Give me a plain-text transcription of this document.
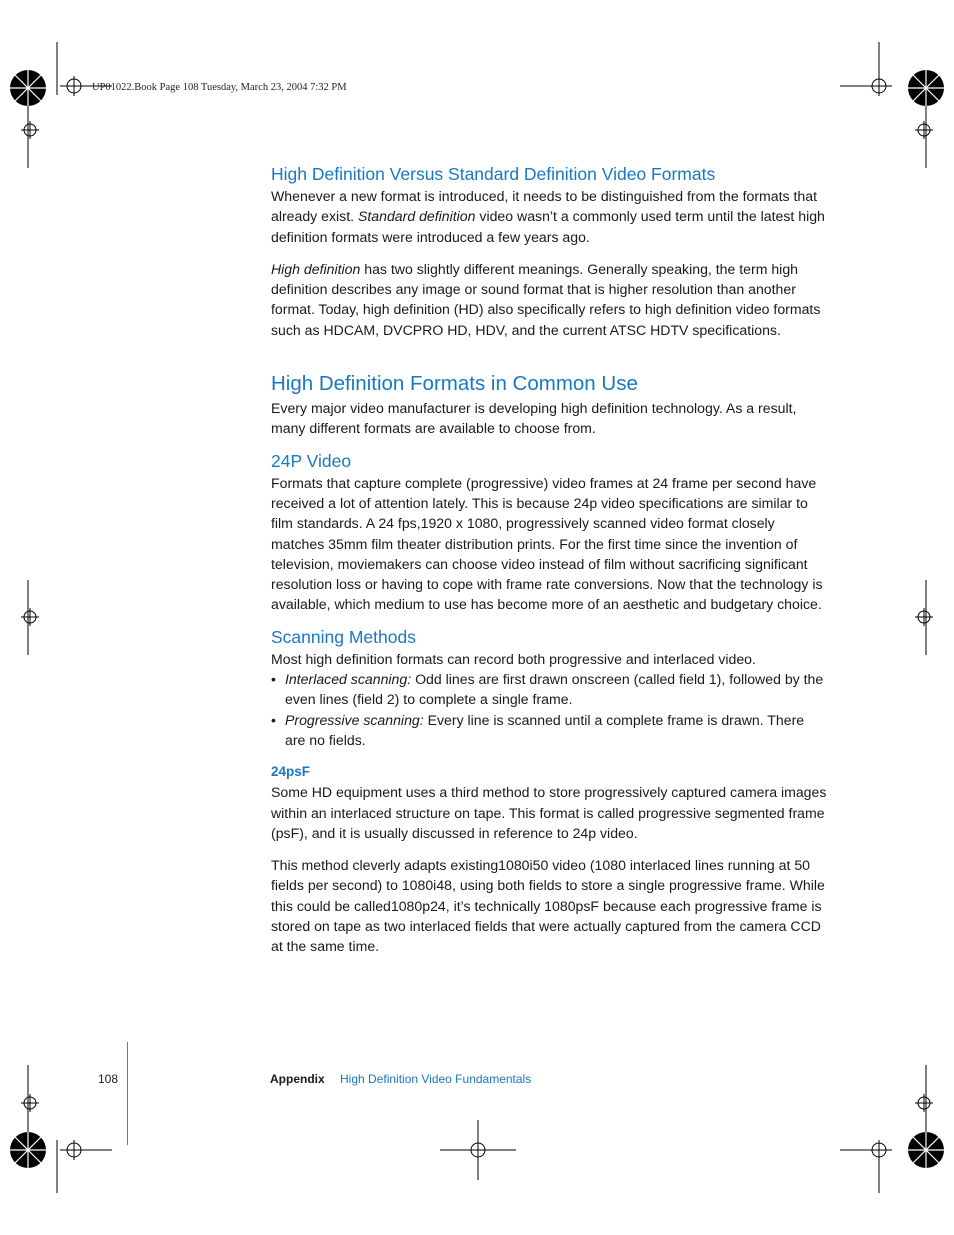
UP01022.Book Page 108 Tuesday, March 23, 2004 7:32 PM
High Definition Versus Standard Definition Video Formats

Whenever a new format is introduced, it needs to be distinguished from the formats that already exist. Standard definition video wasn’t a commonly used term until the latest high definition formats were introduced a few years ago.

High definition has two slightly different meanings. Generally speaking, the term high definition describes any image or sound format that is higher resolution than another format. Today, high definition (HD) also specifically refers to high definition video formats such as HDCAM, DVCPRO HD, HDV, and the current ATSC HDTV specifications.

High Definition Formats in Common Use

Every major video manufacturer is developing high definition technology. As a result, many different formats are available to choose from.

24P Video

Formats that capture complete (progressive) video frames at 24 frame per second have received a lot of attention lately. This is because 24p video specifications are similar to film standards. A 24 fps,1920 x 1080, progressively scanned video format closely matches 35mm film theater distribution prints. For the first time since the invention of television, moviemakers can choose video instead of film without sacrificing significant resolution loss or having to cope with frame rate conversions. Now that the technology is available, which medium to use has become more of an aesthetic and budgetary choice.

Scanning Methods

Most high definition formats can record both progressive and interlaced video.

• Interlaced scanning: Odd lines are first drawn onscreen (called field 1), followed by the even lines (field 2) to complete a single frame.
• Progressive scanning: Every line is scanned until a complete frame is drawn. There are no fields.
24psF

Some HD equipment uses a third method to store progressively captured camera images within an interlaced structure on tape. This format is called progressive segmented frame (psF), and it is usually discussed in reference to 24p video.

This method cleverly adapts existing1080i50 video (1080 interlaced lines running at 50 fields per second) to 1080i48, using both fields to store a single progressive frame. While this could be called1080p24, it’s technically 1080psF because each progressive frame is stored on tape as two interlaced fields that were actually captured from the camera CCD at the same time.

108	Appendix High Definition Video Fundamentals
